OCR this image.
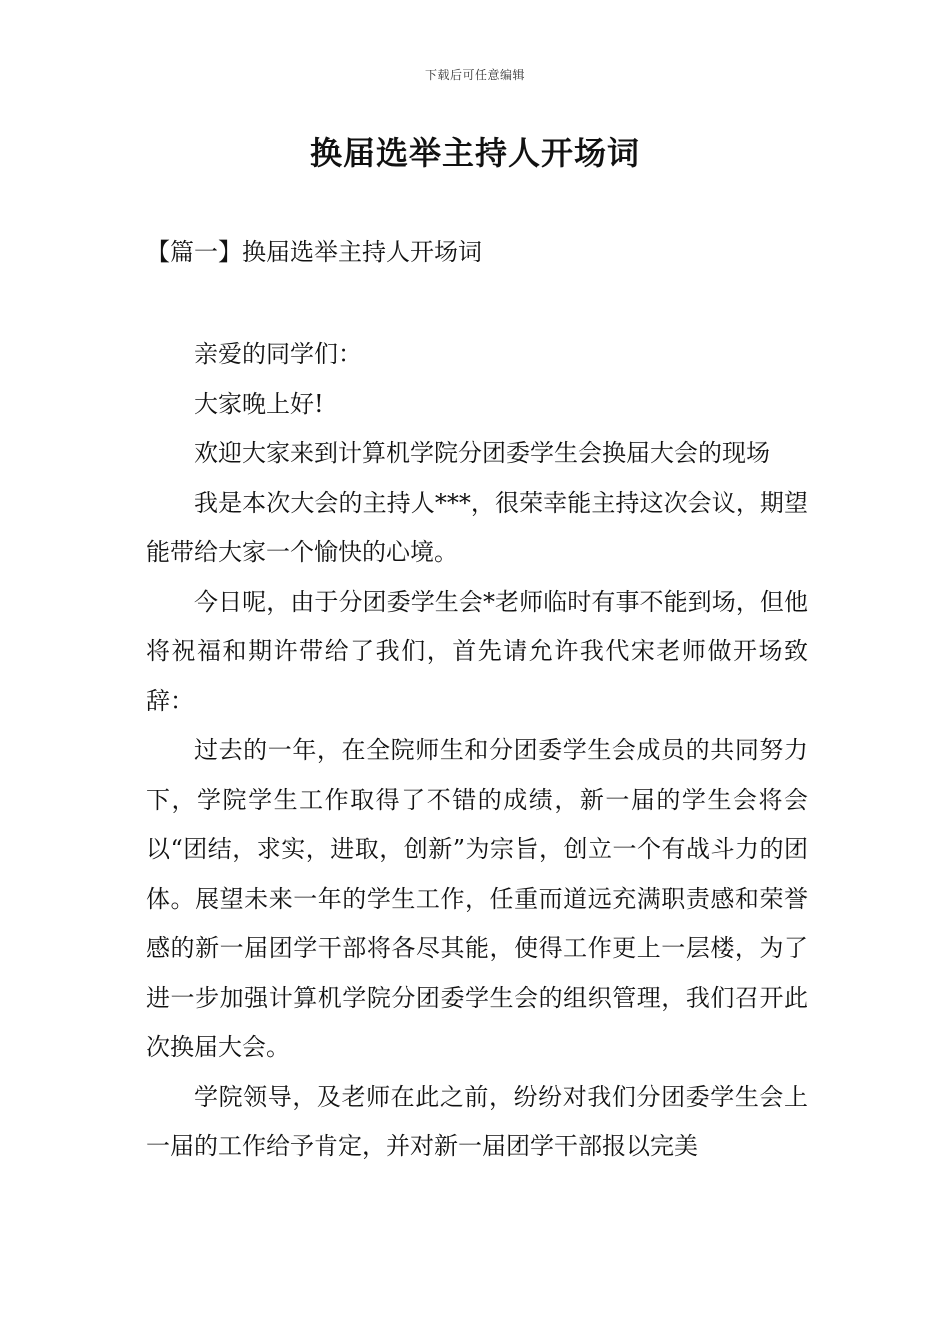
下载后可任意编辑
换届选举主持人开场词
【篇一】换届选举主持人开场词

亲爱的同学们：

大家晚上好!

欢迎大家来到计算机学院分团委学生会换届大会的现场

我是本次大会的主持人***，很荣幸能主持这次会议，期望能带给大家一个愉快的心境。

今日呢，由于分团委学生会*老师临时有事不能到场，但他将祝福和期许带给了我们，首先请允许我代宋老师做开场致辞：

过去的一年，在全院师生和分团委学生会成员的共同努力下，学院学生工作取得了不错的成绩，新一届的学生会将会以“团结，求实，进取，创新”为宗旨，创立一个有战斗力的团体。展望未来一年的学生工作，任重而道远充满职责感和荣誉感的新一届团学干部将各尽其能，使得工作更上一层楼，为了进一步加强计算机学院分团委学生会的组织管理，我们召开此次换届大会。

学院领导，及老师在此之前，纷纷对我们分团委学生会上一届的工作给予肯定，并对新一届团学干部报以完美
